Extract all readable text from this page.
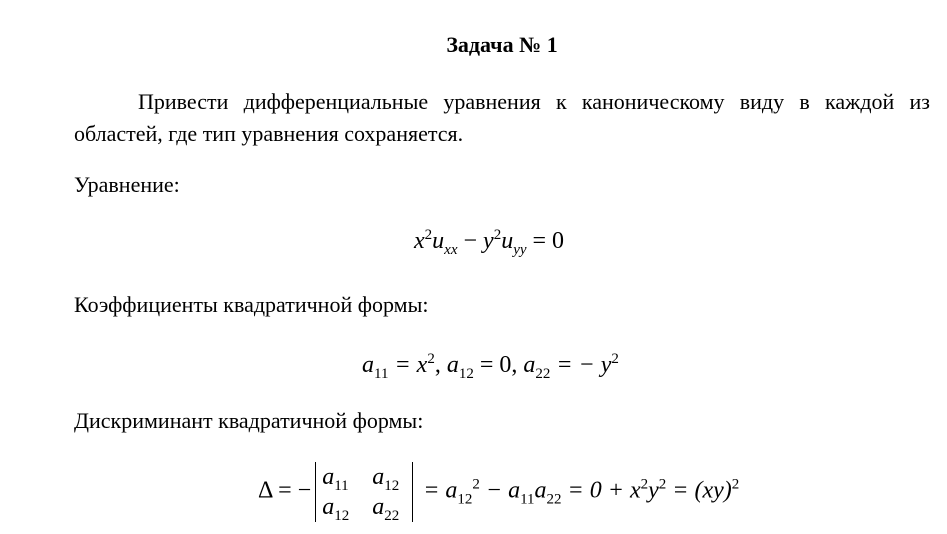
Задача № 1
Привести дифференциальные уравнения к каноническому виду в каждой из областей, где тип уравнения сохраняется.
Уравнение:
$x^2u_{xx} - y^2u_{yy} = 0$
Коэффициенты квадратичной формы:
$a_{11} = x^2$, $a_{12} = 0$, $a_{22}$ = − $y^2$
Дискриминант квадратичной формы:
Δ = −
$a_{11}$ $a_{12}$
$a_{12}$ $a_{22}$
= $a_{12}^2 - a_{11}a_{22} = 0 + x^2y^2 = (xy)^2$
